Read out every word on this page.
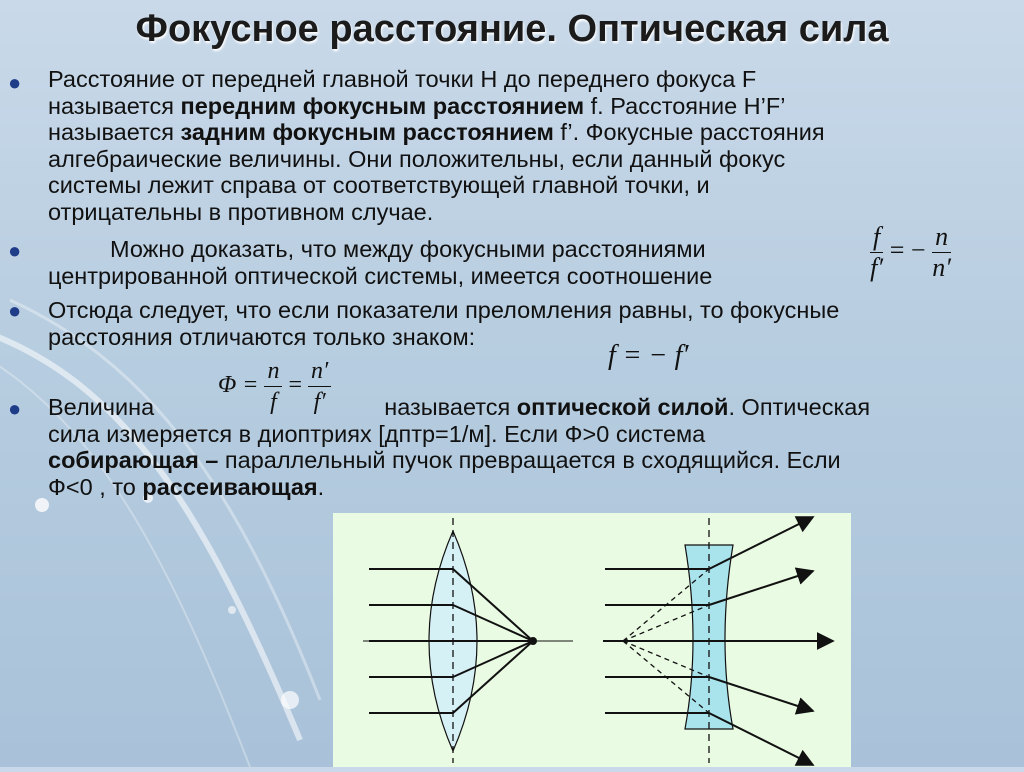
Фокусное расстояние. Оптическая сила
● Расстояние от передней главной точки H до переднего фокуса F
называется передним фокусным расстоянием f. Расстояние H’F’
называется задним фокусным расстоянием f’. Фокусные расстояния
алгебраические величины. Они положительны, если данный фокус
системы лежит справа от соответствующей главной точки, и
отрицательны в противном случае.
●	Можно доказать, что между фокусными расстояниями
центрированной оптической системы, имеется соотношение	$\frac{f}{f'}$ = − $\frac{n}{n'}$
● Отсюда следует, что если показатели преломления равны, то фокусные
расстояния отличаются только знаком:
f = − f′
●
$\Phi = \frac{n}{f} = \frac{n'}{f'}$
Величина	называется оптической силой. Оптическая
сила измеряется в диоптриях [дптр=1/м]. Если Ф>0 система
собирающая – параллельный пучок превращается в сходящийся. Если
Ф<0 , то рассеивающая.
